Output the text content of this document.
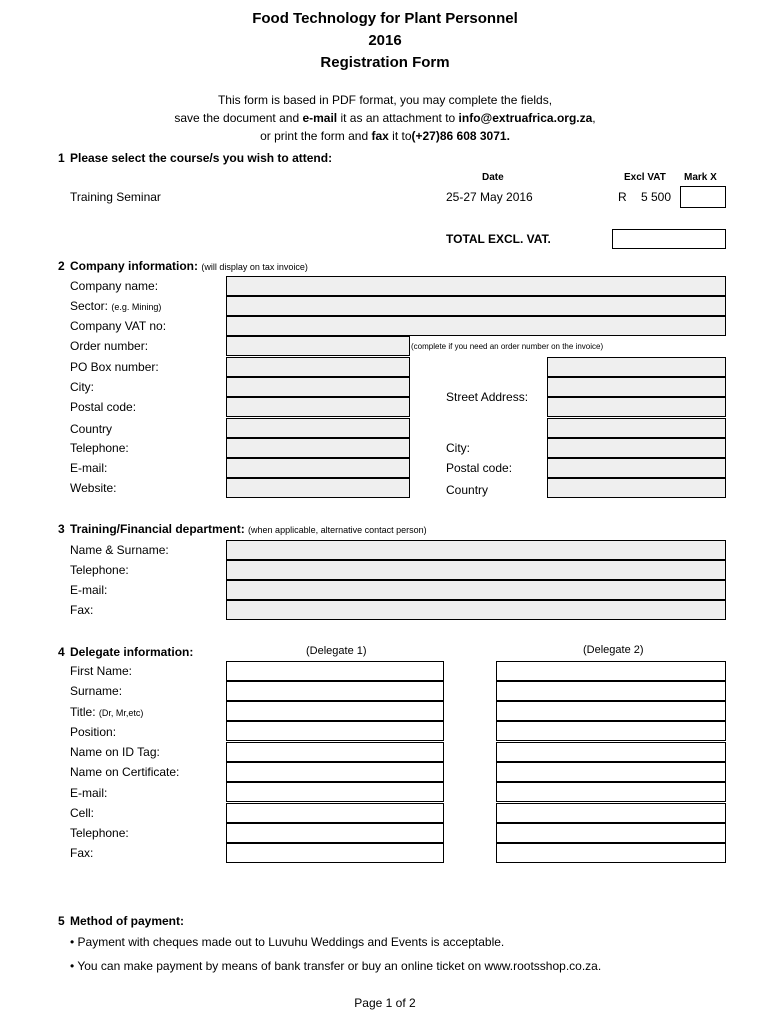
Food Technology for Plant Personnel
2016
Registration Form
This form is based in PDF format, you may complete the fields,
save the document and e-mail it as an attachment to info@extruafrica.org.za,
or print the form and fax it to(+27)86 608 3071.
1 Please select the course/s you wish to attend:
Date	Excl VAT Mark X
Training Seminar	25-27 May 2016	R 5 500
TOTAL EXCL. VAT.
2 Company information: (will display on tax invoice)
Company name:
Sector: (e.g. Mining)
Company VAT no:
Order number:	(complete if you need an order number on the invoice)
PO Box number:
City:
Postal code:
Country
Telephone:
E-mail:
Website:
Street Address:
City:
Postal code:
Country
3 Training/Financial department: (when applicable, alternative contact person)
Name & Surname:
Telephone:
E-mail:
Fax:
4 Delegate information:	(Delegate 1)	(Delegate 2)
First Name:
Surname:
Title: (Dr, Mr,etc)
Position:
Name on ID Tag:
Name on Certificate:
E-mail:
Cell:
Telephone:
Fax:
5 Method of payment:
• Payment with cheques made out to Luvuhu Weddings and Events is acceptable.
• You can make payment by means of bank transfer or buy an online ticket on www.rootsshop.co.za.
Page 1 of 2
